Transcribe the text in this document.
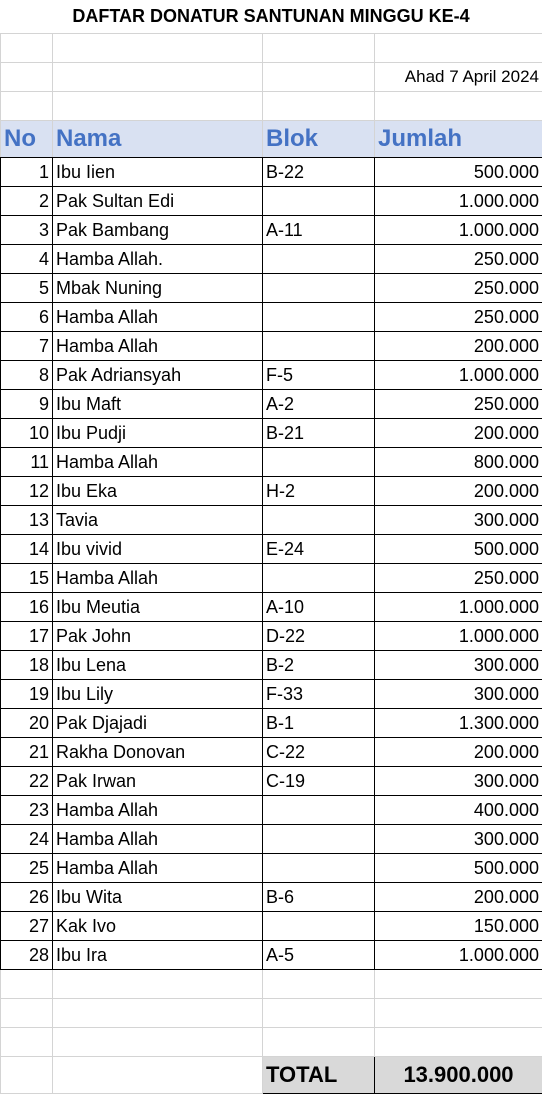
DAFTAR DONATUR SANTUNAN MINGGU KE-4

			Ahad 7 April 2024

No	Nama	Blok	Jumlah
1	Ibu Iien	B-22	500.000
2	Pak Sultan Edi		1.000.000
3	Pak Bambang	A-11	1.000.000
4	Hamba Allah.		250.000
5	Mbak Nuning		250.000
6	Hamba Allah		250.000
7	Hamba Allah		200.000
8	Pak Adriansyah	F-5	1.000.000
9	Ibu Maft	A-2	250.000
10	Ibu Pudji	B-21	200.000
11	Hamba Allah		800.000
12	Ibu Eka	H-2	200.000
13	Tavia		300.000
14	Ibu vivid	E-24	500.000
15	Hamba Allah		250.000
16	Ibu Meutia	A-10	1.000.000
17	Pak John	D-22	1.000.000
18	Ibu Lena	B-2	300.000
19	Ibu Lily	F-33	300.000
20	Pak Djajadi	B-1	1.300.000
21	Rakha Donovan	C-22	200.000
22	Pak Irwan	C-19	300.000
23	Hamba Allah		400.000
24	Hamba Allah		300.000
25	Hamba Allah		500.000
26	Ibu Wita	B-6	200.000
27	Kak Ivo		150.000
28	Ibu Ira	A-5	1.000.000

		TOTAL	13.900.000
